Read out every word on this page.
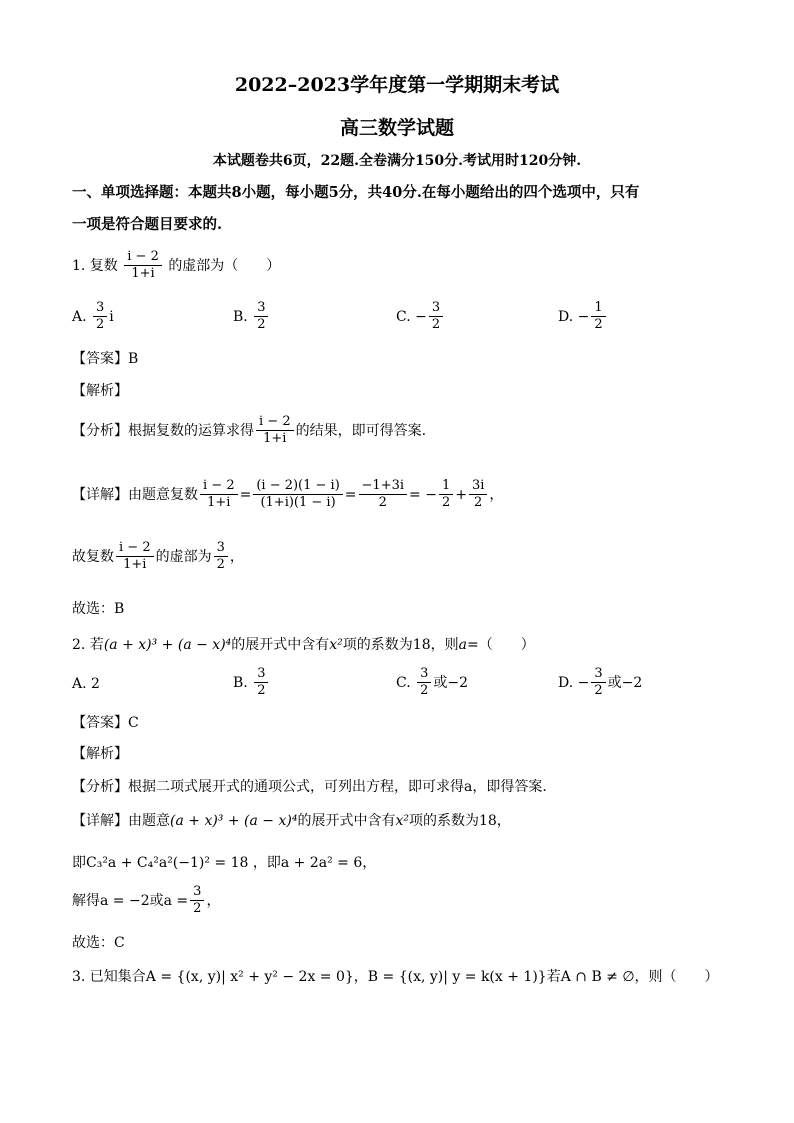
2022–2023学年度第一学期期末考试
高三数学试题
本试题卷共6页，22题.全卷满分150分.考试用时120分钟.
一、单项选择题：本题共8小题，每小题5分，共40分.在每小题给出的四个选项中，只有
一项是符合题目要求的.
1. 复数 $\frac{i - 2}{1+i}$ 的虚部为（　　）
A. $\frac{3}{2}$ i	B. $\frac{3}{2}$	C. − $\frac{3}{2}$	D. − $\frac{1}{2}$
【答案】B
【解析】
【分析】根据复数的运算求得 $\frac{i - 2}{1+i}$ 的结果，即可得答案.
【详解】由题意复数 $\frac{i - 2}{1+i} = \frac{(i - 2)(1 - i)}{(1+i)(1 - i)} = \frac{-1+3i}{2}$ = − $\frac{1}{2} + \frac{3i}{2}$ ，
故复数 $\frac{i - 2}{1+i}$ 的虚部为 $\frac{3}{2}$ ，
故选：B
2. 若(a + x)³ + (a − x)⁴的展开式中含有x²项的系数为18，则a=（　　）
A. 2	B. $\frac{3}{2}$	C. $\frac{3}{2}$ 或−2	D. − $\frac{3}{2}$ 或−2
【答案】C
【解析】
【分析】根据二项式展开式的通项公式，可列出方程，即可求得a，即得答案.
【详解】由题意(a + x)³ + (a − x)⁴的展开式中含有x²项的系数为18，
即C₃²a + C₄²a²(−1)² = 18 ，即a + 2a² = 6，
解得a = −2或$a = \frac{3}{2}$ ，
故选：C
3. 已知集合A = {(x, y)| x² + y² − 2x = 0}，B = {(x, y)| y = k(x + 1)}若A ∩ B ≠ ∅，则（　　）
